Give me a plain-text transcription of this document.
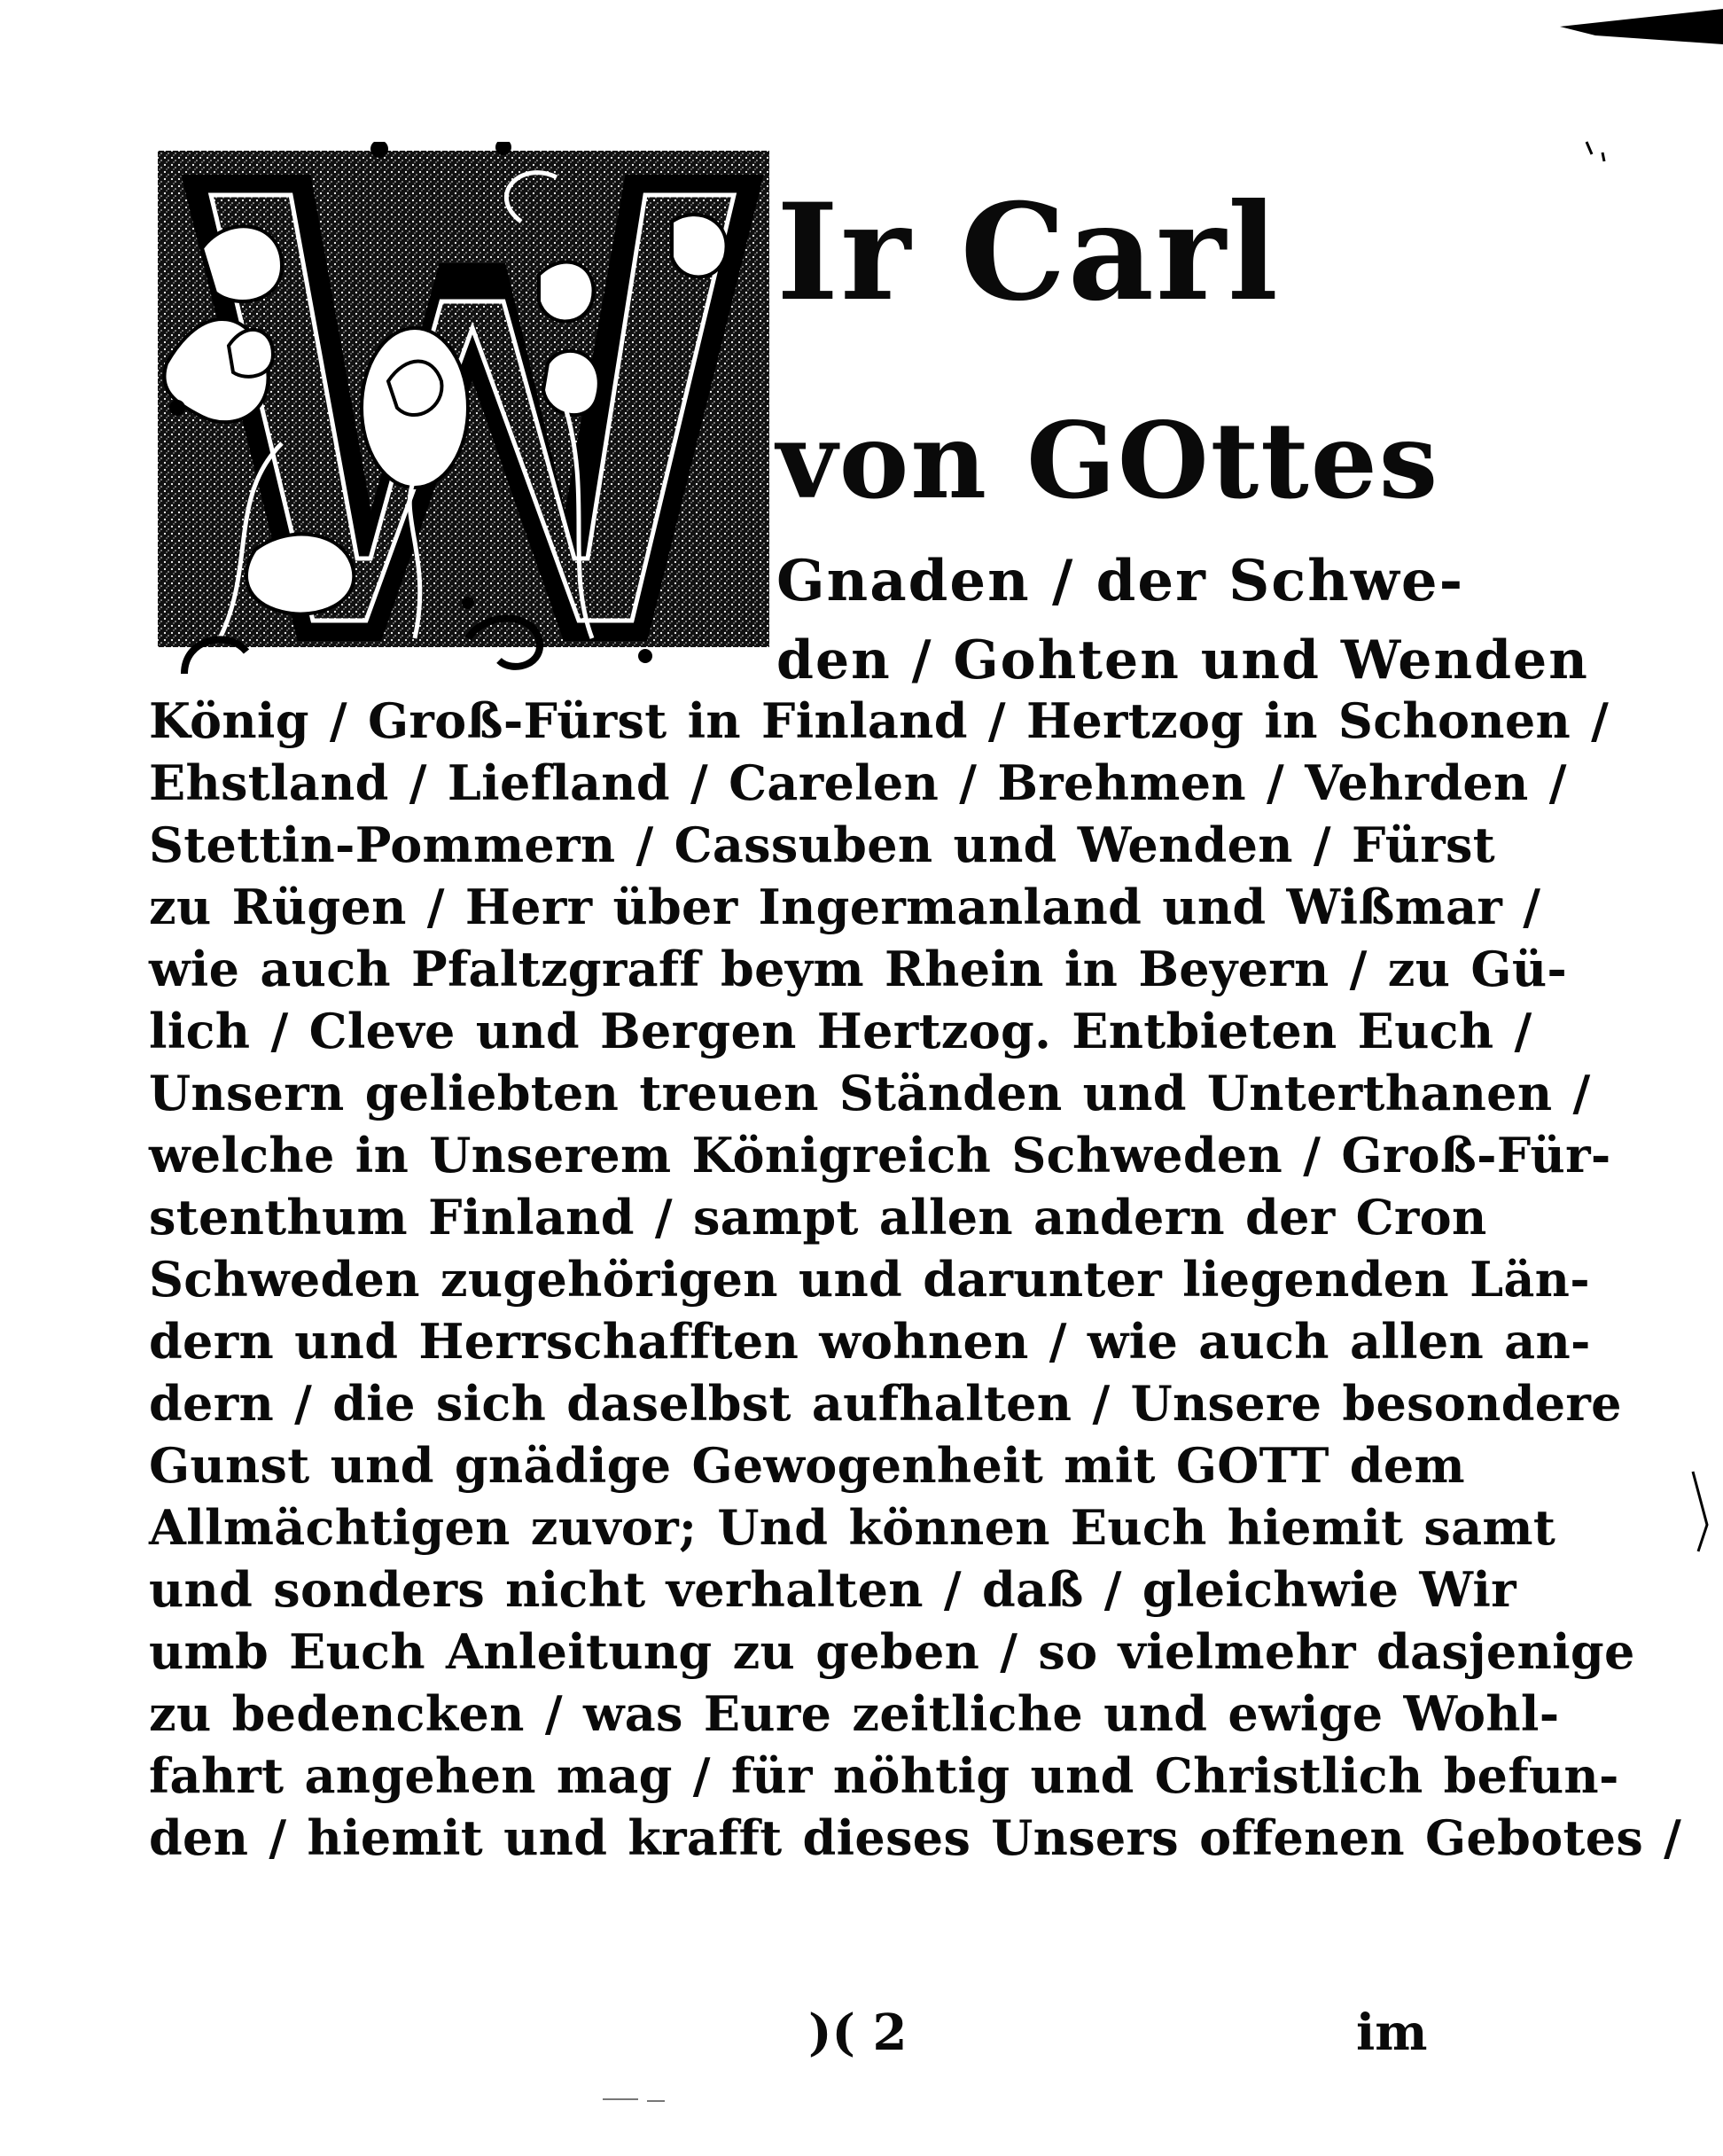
Ir Carl
von GOttes
Gnaden / der Schwe-
den / Gohten und Wenden
König / Groß-Fürst in Finland / Hertzog in Schonen /
Ehstland / Liefland / Carelen / Brehmen / Vehrden /
Stettin-Pommern / Cassuben und Wenden / Fürst
zu Rügen / Herr über Ingermanland und Wißmar /
wie auch Pfaltzgraff beym Rhein in Beyern / zu Gü-
lich / Cleve und Bergen Hertzog. Entbieten Euch /
Unsern geliebten treuen Ständen und Unterthanen /
welche in Unserem Königreich Schweden / Groß-Für-
stenthum Finland / sampt allen andern der Cron
Schweden zugehörigen und darunter liegenden Län-
dern und Herrschafften wohnen / wie auch allen an-
dern / die sich daselbst aufhalten / Unsere besondere
Gunst und gnädige Gewogenheit mit GOTT dem
Allmächtigen zuvor; Und können Euch hiemit samt
und sonders nicht verhalten / daß / gleichwie Wir
umb Euch Anleitung zu geben / so vielmehr dasjenige
zu bedencken / was Eure zeitliche und ewige Wohl-
fahrt angehen mag / für nöhtig und Christlich befun-
den / hiemit und krafft dieses Unsers offenen Gebotes /
)( 2	im
